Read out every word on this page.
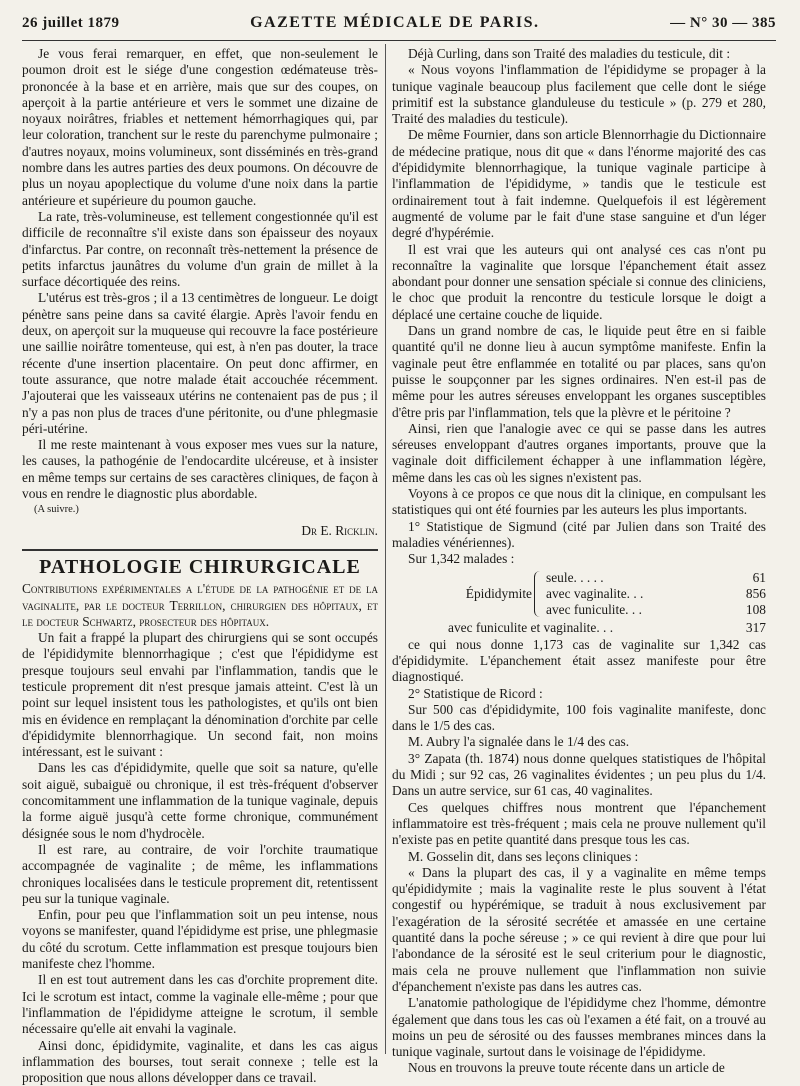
26 juillet 1879	GAZETTE MÉDICALE DE PARIS.	— N° 30 — 385

Je vous ferai remarquer, en effet, que non-seulement le poumon droit est le siége d'une congestion œdémateuse très-prononcée à la base et en arrière, mais que sur des coupes, on aperçoit à la partie antérieure et vers le sommet une dizaine de noyaux noirâtres, friables et nettement hémorrhagiques qui, par leur coloration, tranchent sur le reste du parenchyme pulmonaire ; d'autres noyaux, moins volumineux, sont disséminés en très-grand nombre dans les autres parties des deux poumons. On découvre de plus un noyau apoplectique du volume d'une noix dans la partie antérieure et supérieure du poumon gauche.

La rate, très-volumineuse, est tellement congestionnée qu'il est difficile de reconnaître s'il existe dans son épaisseur des noyaux d'infarctus. Par contre, on reconnaît très-nettement la présence de petits infarctus jaunâtres du volume d'un grain de millet à la surface décortiquée des reins.

L'utérus est très-gros ; il a 13 centimètres de longueur. Le doigt pénètre sans peine dans sa cavité élargie. Après l'avoir fendu en deux, on aperçoit sur la muqueuse qui recouvre la face postérieure une saillie noirâtre tomenteuse, qui est, à n'en pas douter, la trace récente d'une insertion placentaire. On peut donc affirmer, en toute assurance, que notre malade était accouchée récemment. J'ajouterai que les vaisseaux utérins ne contenaient pas de pus ; il n'y a pas non plus de traces d'une péritonite, ou d'une phlegmasie péri-utérine.

Il me reste maintenant à vous exposer mes vues sur la nature, les causes, la pathogénie de l'endocardite ulcéreuse, et à insister en même temps sur certains de ses caractères cliniques, de façon à vous en rendre le diagnostic plus abordable.

(A suivre.)

Dr E. Ricklin.

PATHOLOGIE CHIRURGICALE

Contributions expérimentales a l'étude de la pathogénie et de la vaginalite, par le docteur Terrillon, chirurgien des hôpitaux, et le docteur Schwartz, prosecteur des hôpitaux.

Un fait a frappé la plupart des chirurgiens qui se sont occupés de l'épididymite blennorrhagique ; c'est que l'épididyme est presque toujours seul envahi par l'inflammation, tandis que le testicule proprement dit n'est presque jamais atteint. C'est là un point sur lequel insistent tous les pathologistes, et qu'ils ont bien mis en évidence en remplaçant la dénomination d'orchite par celle d'épididymite blennorrhagique. Un second fait, non moins intéressant, est le suivant :

Dans les cas d'épididymite, quelle que soit sa nature, qu'elle soit aiguë, subaiguë ou chronique, il est très-fréquent d'observer concomitamment une inflammation de la tunique vaginale, depuis la forme aiguë jusqu'à cette forme chronique, communément désignée sous le nom d'hydrocèle.

Il est rare, au contraire, de voir l'orchite traumatique accompagnée de vaginalite ; de même, les inflammations chroniques localisées dans le testicule proprement dit, retentissent peu sur la tunique vaginale.

Enfin, pour peu que l'inflammation soit un peu intense, nous voyons se manifester, quand l'épididyme est prise, une phlegmasie du côté du scrotum. Cette inflammation est presque toujours bien manifeste chez l'homme.

Il en est tout autrement dans les cas d'orchite proprement dite. Ici le scrotum est intact, comme la vaginale elle-même ; pour que l'inflammation de l'épididyme atteigne le scrotum, il semble nécessaire qu'elle ait envahi la vaginale.

Ainsi donc, épididymite, vaginalite, et dans les cas aigus inflammation des bourses, tout serait connexe ; telle est la proposition que nous allons développer dans ce travail.

Déjà Curling, dans son Traité des maladies du testicule, dit :

« Nous voyons l'inflammation de l'épididyme se propager à la tunique vaginale beaucoup plus facilement que celle dont le siége primitif est la substance glanduleuse du testicule » (p. 279 et 280, Traité des maladies du testicule).

De même Fournier, dans son article Blennorrhagie du Dictionnaire de médecine pratique, nous dit que « dans l'énorme majorité des cas d'épididymite blennorrhagique, la tunique vaginale participe à l'inflammation de l'épididyme, » tandis que le testicule est ordinairement tout à fait indemne. Quelquefois il est légèrement augmenté de volume par le fait d'une stase sanguine et d'un léger degré d'hypérémie.

Il est vrai que les auteurs qui ont analysé ces cas n'ont pu reconnaître la vaginalite que lorsque l'épanchement était assez abondant pour donner une sensation spéciale si connue des cliniciens, le choc que produit la rencontre du testicule lorsque le doigt a déplacé une certaine couche de liquide.

Dans un grand nombre de cas, le liquide peut être en si faible quantité qu'il ne donne lieu à aucun symptôme manifeste. Enfin la vaginale peut être enflammée en totalité ou par places, sans qu'on puisse le soupçonner par les signes ordinaires. N'en est-il pas de même pour les autres séreuses enveloppant les organes susceptibles d'être pris par l'inflammation, tels que la plèvre et le péritoine ?

Ainsi, rien que l'analogie avec ce qui se passe dans les autres séreuses enveloppant d'autres organes importants, prouve que la vaginale doit difficilement échapper à une inflammation légère, même dans les cas où les signes n'existent pas.

Voyons à ce propos ce que nous dit la clinique, en compulsant les statistiques qui ont été fournies par les auteurs les plus importants.

1° Statistique de Sigmund (cité par Julien dans son Traité des maladies vénériennes).

Sur 1,342 malades :

Épididymite
seule. . . . .	61
avec vaginalite. . .	856
avec funiculite. . .	108
avec funiculite et vaginalite. . .	317

ce qui nous donne 1,173 cas de vaginalite sur 1,342 cas d'épididymite. L'épanchement était assez manifeste pour être diagnostiqué.

2° Statistique de Ricord :

Sur 500 cas d'épididymite, 100 fois vaginalite manifeste, donc dans le 1/5 des cas.

M. Aubry l'a signalée dans le 1/4 des cas.

3° Zapata (th. 1874) nous donne quelques statistiques de l'hôpital du Midi ; sur 92 cas, 26 vaginalites évidentes ; un peu plus du 1/4. Dans un autre service, sur 61 cas, 40 vaginalites.

Ces quelques chiffres nous montrent que l'épanchement inflammatoire est très-fréquent ; mais cela ne prouve nullement qu'il n'existe pas en petite quantité dans presque tous les cas.

M. Gosselin dit, dans ses leçons cliniques :

« Dans la plupart des cas, il y a vaginalite en même temps qu'épididymite ; mais la vaginalite reste le plus souvent à l'état congestif ou hypérémique, se traduit à nous exclusivement par l'exagération de la sérosité secrétée et amassée en une certaine quantité dans la poche séreuse ; » ce qui revient à dire que pour lui l'abondance de la sérosité est le seul criterium pour le diagnostic, mais cela ne prouve nullement que l'inflammation non suivie d'épanchement n'existe pas dans les autres cas.

L'anatomie pathologique de l'épididyme chez l'homme, démontre également que dans tous les cas où l'examen a été fait, on a trouvé au moins un peu de sérosité ou des fausses membranes minces dans la tunique vaginale, surtout dans le voisinage de l'épididyme.

Nous en trouvons la preuve toute récente dans un article de
